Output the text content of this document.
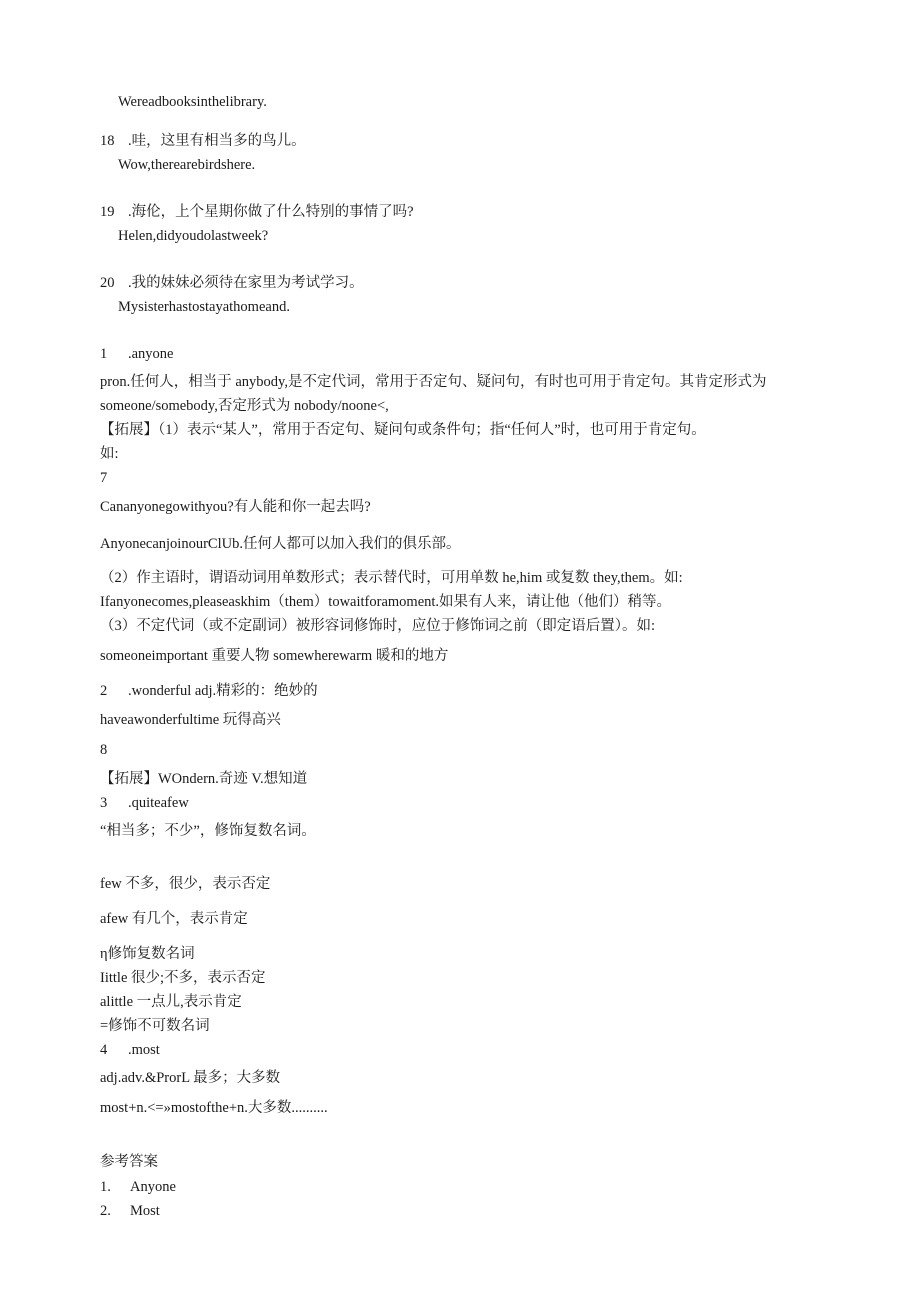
Wereadbooksinthelibrary.
18 .哇，这里有相当多的鸟儿。
Wow,therearebirdshere.
19 .海伦，上个星期你做了什么特别的事情了吗?
Helen,didyoudolastweek?
20 .我的妹妹必须待在家里为考试学习。
Mysisterhastostayathomeand.
1 .anyone
pron.任何人，相当于 anybody,是不定代词，常用于否定句、疑问句，有时也可用于肯定句。其肯定形式为
someone/somebody,否定形式为 nobody/noone<,
【拓展】（1）表示“某人”，常用于否定句、疑问句或条件句；指“任何人”时，也可用于肯定句。
如:
7
Cananyonegowithyou?有人能和你一起去吗?
AnyonecanjoinourClUb.任何人都可以加入我们的俱乐部。
（2）作主语时，谓语动词用单数形式；表示替代时，可用单数 he,him 或复数 they,them。如:
Ifanyonecomes,pleaseaskhim（them）towaitforamoment.如果有人来，请让他（他们）稍等。
（3）不定代词（或不定副词）被形容词修饰时，应位于修饰词之前（即定语后置）。如:
someoneimportant 重要人物 somewherewarm 暖和的地方
2 .wonderful adj.精彩的：绝妙的
haveawonderfultime 玩得高兴
8
【拓展】WOndern.奇迹 V.想知道
3 .quiteafew
“相当多；不少”，修饰复数名词。
few 不多，很少，表示否定
afew 有几个，表示肯定
η修饰复数名词
Iittle 很少;不多，表示否定
alittle 一点儿,表示肯定
=修饰不可数名词
4 .most
adj.adv.&ProrL 最多；大多数
most+n.<=»mostofthe+n.大多数..........
参考答案
1. Anyone
2. Most
